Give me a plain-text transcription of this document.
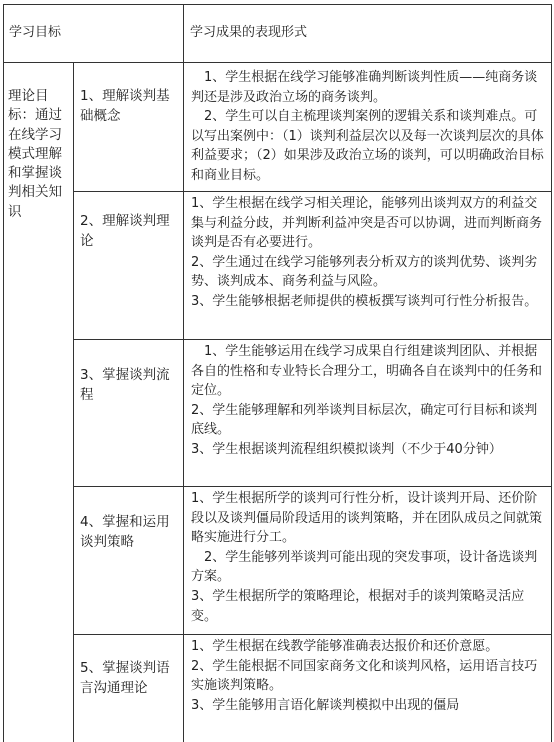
学习目标	学习成果的表现形式
理论目标：通过在线学习模式理解和掌握谈判相关知识
1、理解谈判基础概念

　1、学生根据在线学习能够准确判断谈判性质——纯商务谈判还是涉及政治立场的商务谈判。

　2、学生可以自主梳理谈判案例的逻辑关系和谈判难点。可以写出案例中：（1）谈判利益层次以及每一次谈判层次的具体利益要求；（2）如果涉及政治立场的谈判，可以明确政治目标和商业目标。

2、理解谈判理论

1、学生根据在线学习相关理论，能够列出谈判双方的利益交集与利益分歧，并判断利益冲突是否可以协调，进而判断商务谈判是否有必要进行。

2、学生通过在线学习能够列表分析双方的谈判优势、谈判劣势、谈判成本、商务利益与风险。

3、学生能够根据老师提供的模板撰写谈判可行性分析报告。

3、掌握谈判流程

　1、学生能够运用在线学习成果自行组建谈判团队、并根据各自的性格和专业特长合理分工，明确各自在谈判中的任务和定位。

2、学生能够理解和列举谈判目标层次，确定可行目标和谈判底线。

3、学生根据谈判流程组织模拟谈判（不少于40分钟）

4、掌握和运用谈判策略

1、学生根据所学的谈判可行性分析，设计谈判开局、还价阶段以及谈判僵局阶段适用的谈判策略，并在团队成员之间就策略实施进行分工。

　2、学生能够列举谈判可能出现的突发事项，设计备选谈判方案。

3、学生根据所学的策略理论，根据对手的谈判策略灵活应变。

5、掌握谈判语言沟通理论

1、学生根据在线教学能够准确表达报价和还价意愿。

2、学生能根据不同国家商务文化和谈判风格，运用语言技巧实施谈判策略。

3、学生能够用言语化解谈判模拟中出现的僵局
